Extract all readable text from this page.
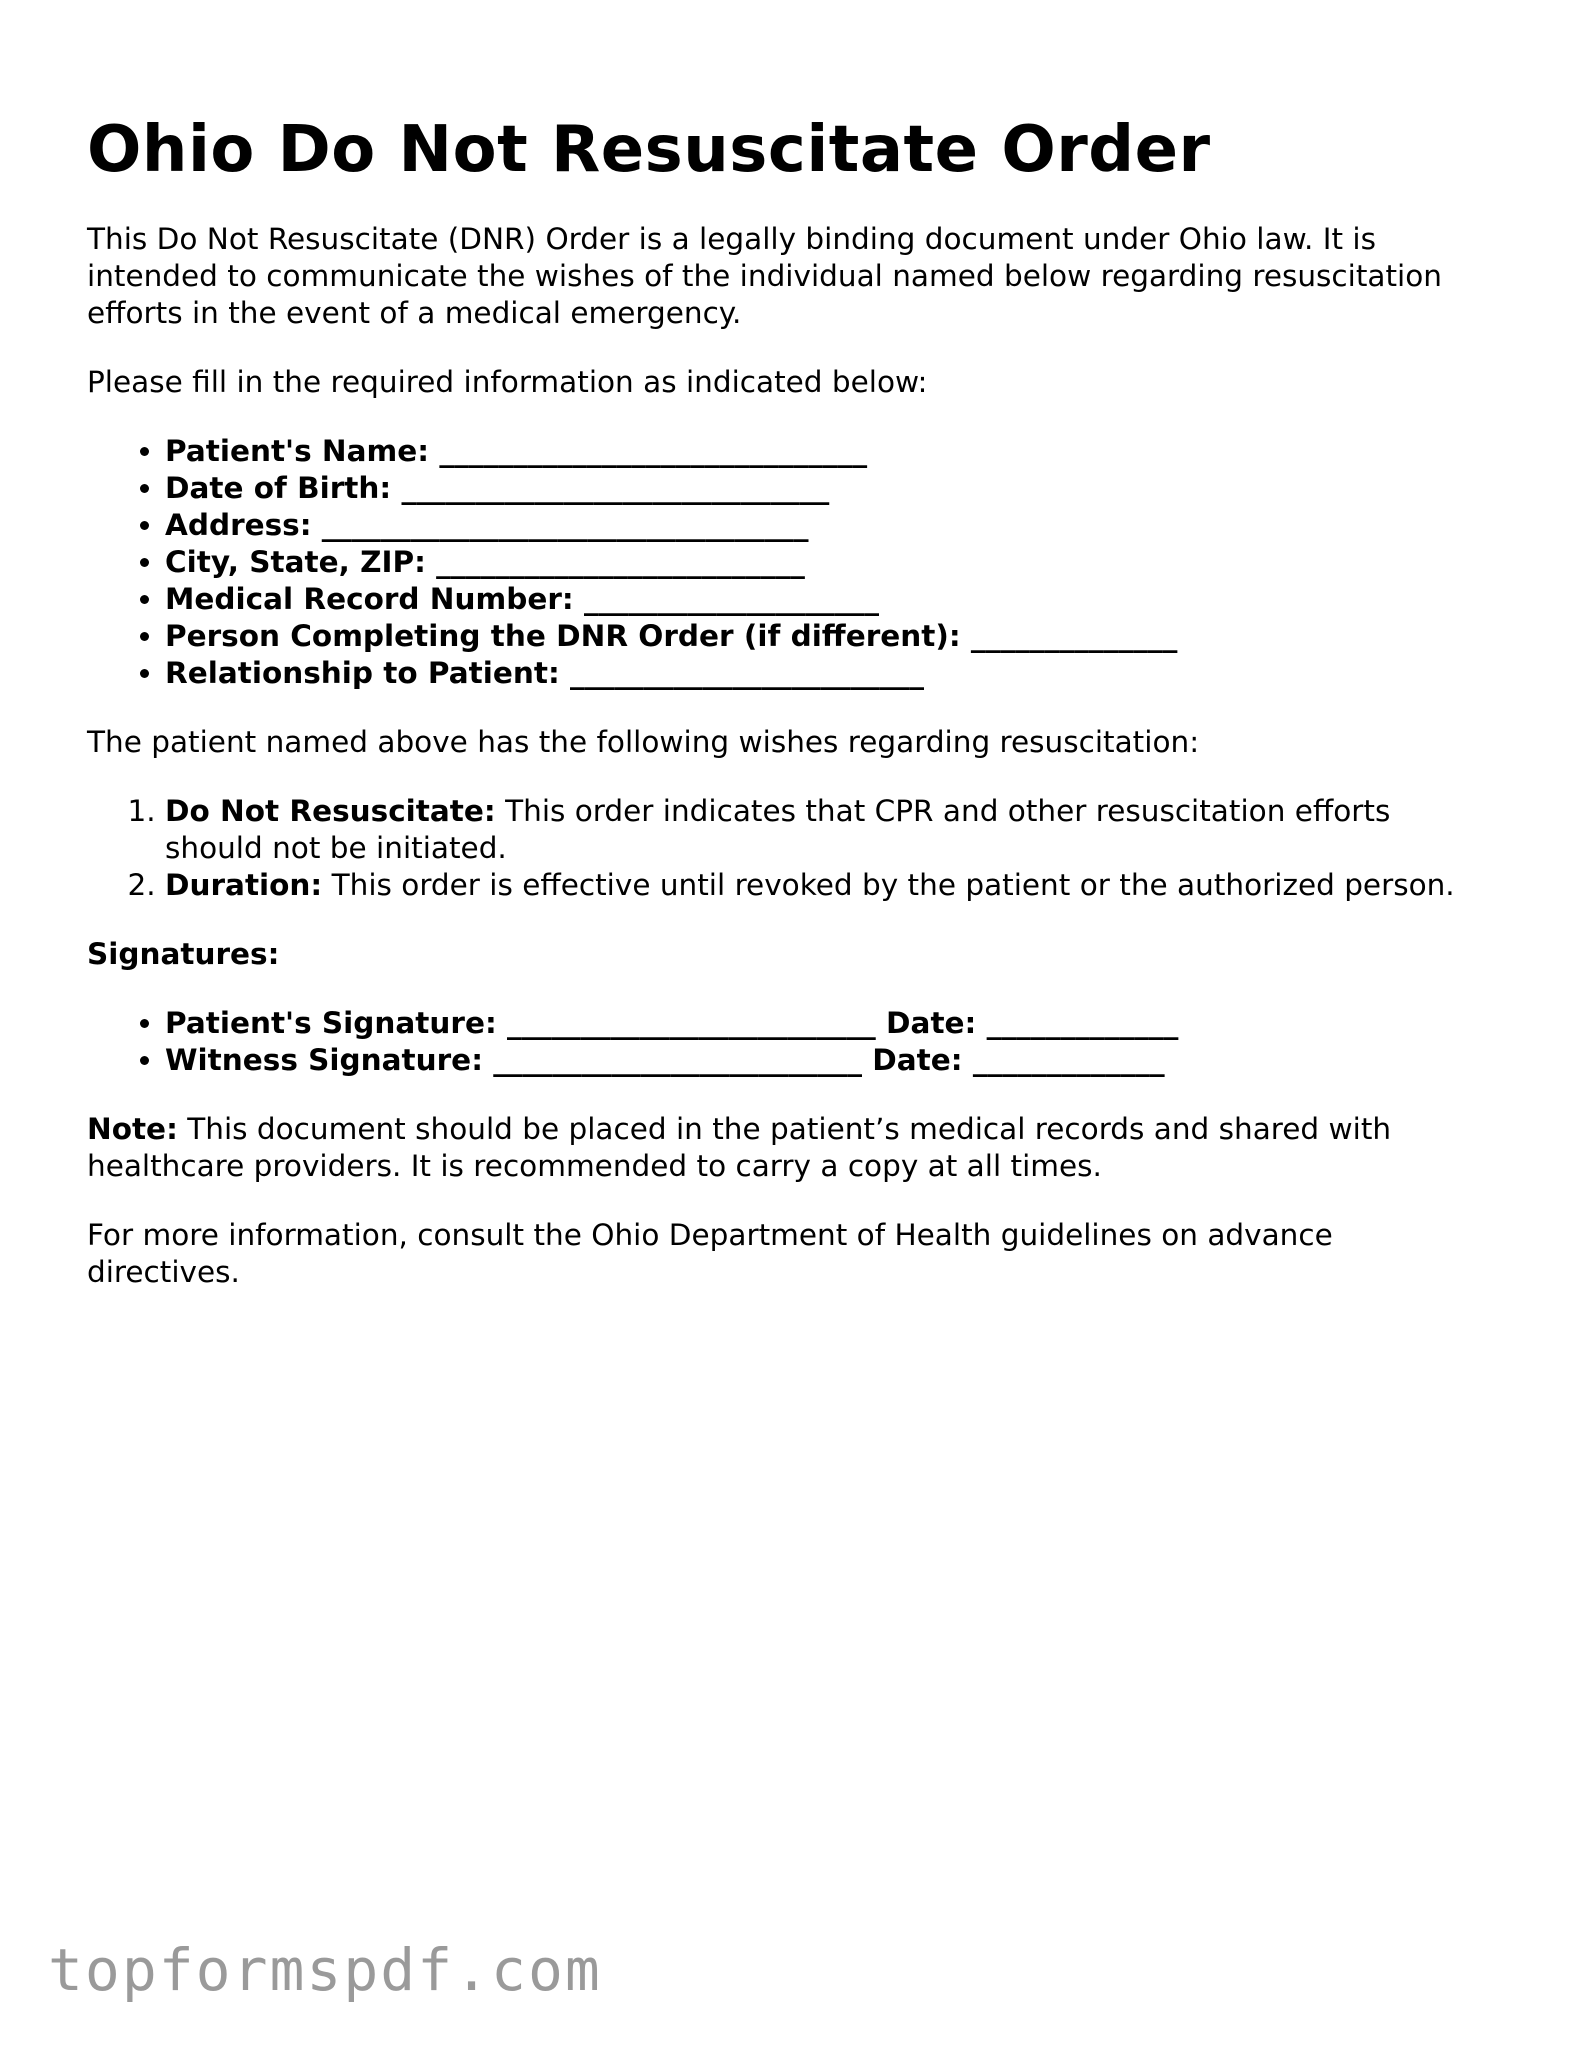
Ohio Do Not Resuscitate Order

This Do Not Resuscitate (DNR) Order is a legally binding document under Ohio law. It is intended to communicate the wishes of the individual named below regarding resuscitation efforts in the event of a medical emergency.

Please fill in the required information as indicated below:

• Patient's Name: _____________________________
• Date of Birth: _____________________________
• Address: _________________________________
• City, State, ZIP: _________________________
• Medical Record Number: ____________________
• Person Completing the DNR Order (if different): ______________
• Relationship to Patient: ________________________

The patient named above has the following wishes regarding resuscitation:

1. Do Not Resuscitate: This order indicates that CPR and other resuscitation efforts should not be initiated.
2. Duration: This order is effective until revoked by the patient or the authorized person.

Signatures:

• Patient's Signature: _________________________ Date: _____________
• Witness Signature: _________________________ Date: _____________

Note: This document should be placed in the patient’s medical records and shared with healthcare providers. It is recommended to carry a copy at all times.

For more information, consult the Ohio Department of Health guidelines on advance directives.

topformspdf.com
